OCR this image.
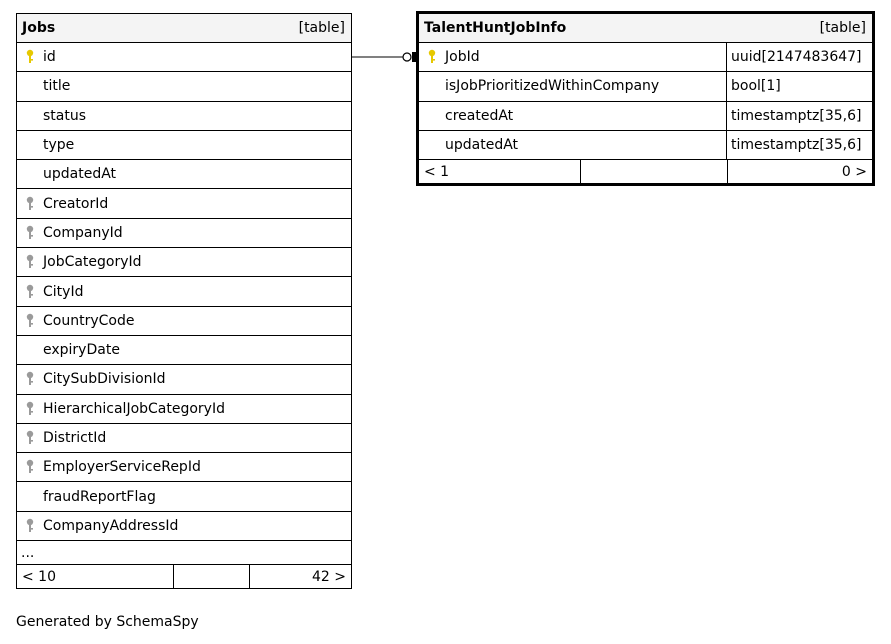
Jobs	[table]
id
title
status
type
updatedAt
CreatorId
CompanyId
JobCategoryId
CityId
CountryCode
expiryDate
CitySubDivisionId
HierarchicalJobCategoryId
DistrictId
EmployerServiceRepId
fraudReportFlag
CompanyAddressId
...
< 10	42 >
TalentHuntJobInfo	[table]
JobId	uuid[2147483647]
isJobPrioritizedWithinCompany	bool[1]
createdAt	timestamptz[35,6]
updatedAt	timestamptz[35,6]
< 1	0 >
Generated by SchemaSpy
